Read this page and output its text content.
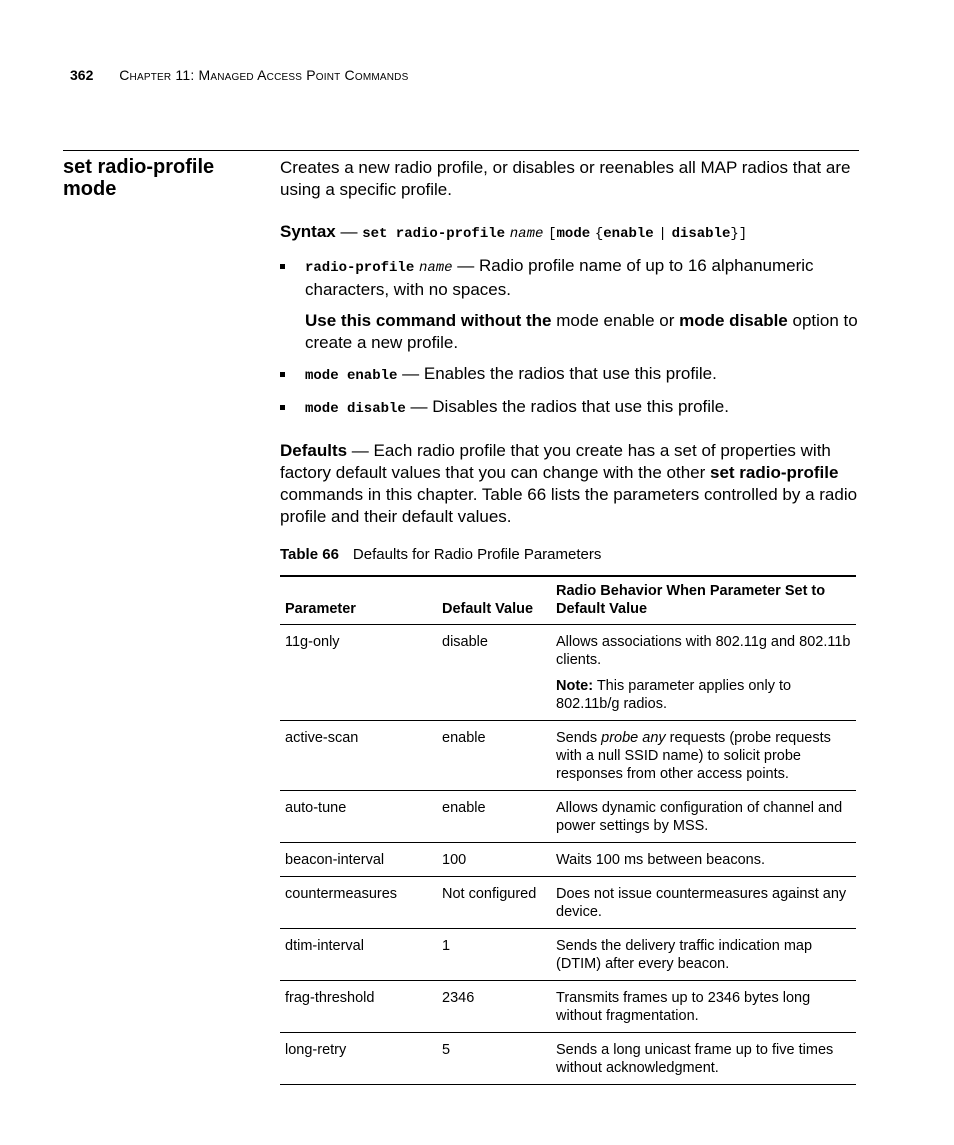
362 Chapter 11: Managed Access Point Commands
set radio-profile mode

Creates a new radio profile, or disables or reenables all MAP radios that are using a specific profile.

Syntax — set radio-profile name [mode {enable | disable}]

radio-profile name — Radio profile name of up to 16 alphanumeric characters, with no spaces.

Use this command without the mode enable or mode disable option to create a new profile.

mode enable — Enables the radios that use this profile.
mode disable — Disables the radios that use this profile.

Defaults — Each radio profile that you create has a set of properties with factory default values that you can change with the other set radio-profile commands in this chapter. Table 66 lists the parameters controlled by a radio profile and their default values.

Table 66 Defaults for Radio Profile Parameters
Parameter	Default Value	Radio Behavior When Parameter Set to Default Value
11g-only	disable	Allows associations with 802.11g and 802.11b clients.
Note: This parameter applies only to 802.11b/g radios.

active-scan	enable	Sends probe any requests (probe requests with a null SSID name) to solicit probe responses from other access points.
auto-tune	enable	Allows dynamic configuration of channel and power settings by MSS.
beacon-interval	100	Waits 100 ms between beacons.
countermeasures	Not configured	Does not issue countermeasures against any device.
dtim-interval	1	Sends the delivery traffic indication map (DTIM) after every beacon.
frag-threshold	2346	Transmits frames up to 2346 bytes long without fragmentation.
long-retry	5	Sends a long unicast frame up to five times without acknowledgment.
